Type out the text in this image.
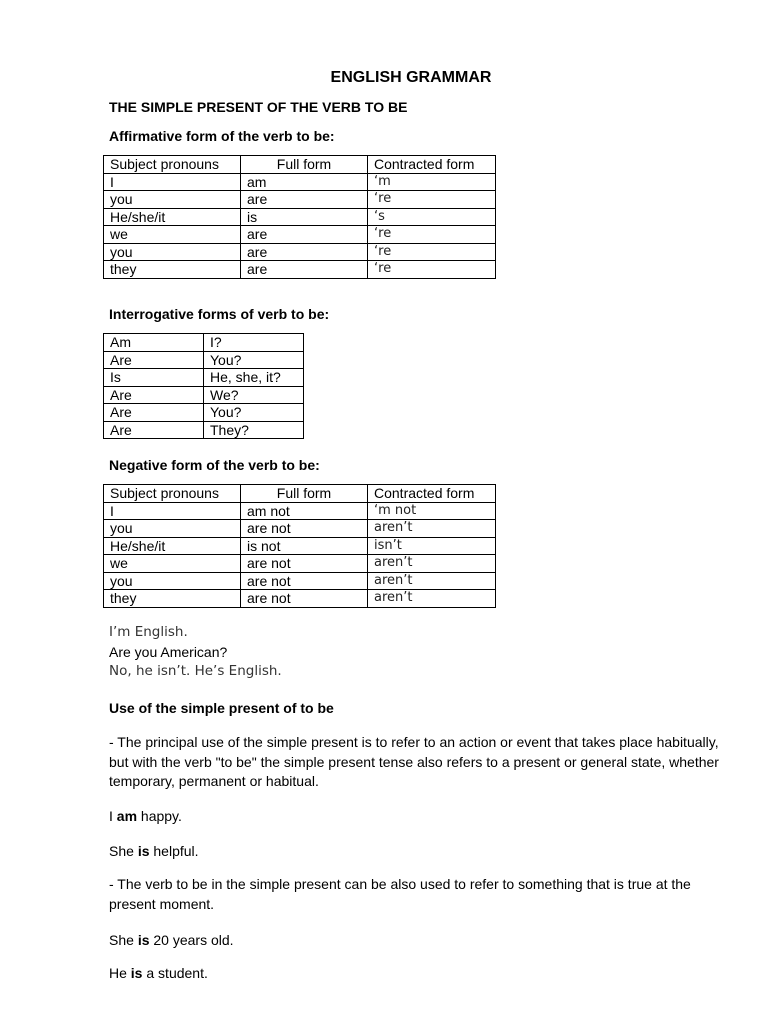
ENGLISH GRAMMAR
THE SIMPLE PRESENT OF THE VERB TO BE
Affirmative form of the verb to be:
Subject pronouns	Full form	Contracted form
I	am	‘m
you	are	‘re
He/she/it	is	‘s
we	are	‘re
you	are	‘re
they	are	‘re
Interrogative forms of verb to be:
Am	I?
Are	You?
Is	He, she, it?
Are	We?
Are	You?
Are	They?
Negative form of the verb to be:
Subject pronouns	Full form	Contracted form
I	am not	‘m not
you	are not	aren’t
He/she/it	is not	isn’t
we	are not	aren’t
you	are not	aren’t
they	are not	aren’t
I’m English.
Are you American?
No, he isn’t. He’s English.
Use of the simple present of to be
- The principal use of the simple present is to refer to an action or event that takes place habitually, but with the verb "to be" the simple present tense also refers to a present or general state, whether temporary, permanent or habitual.
I am happy.
She is helpful.
- The verb to be in the simple present can be also used to refer to something that is true at the present moment.
She is 20 years old.
He is a student.
